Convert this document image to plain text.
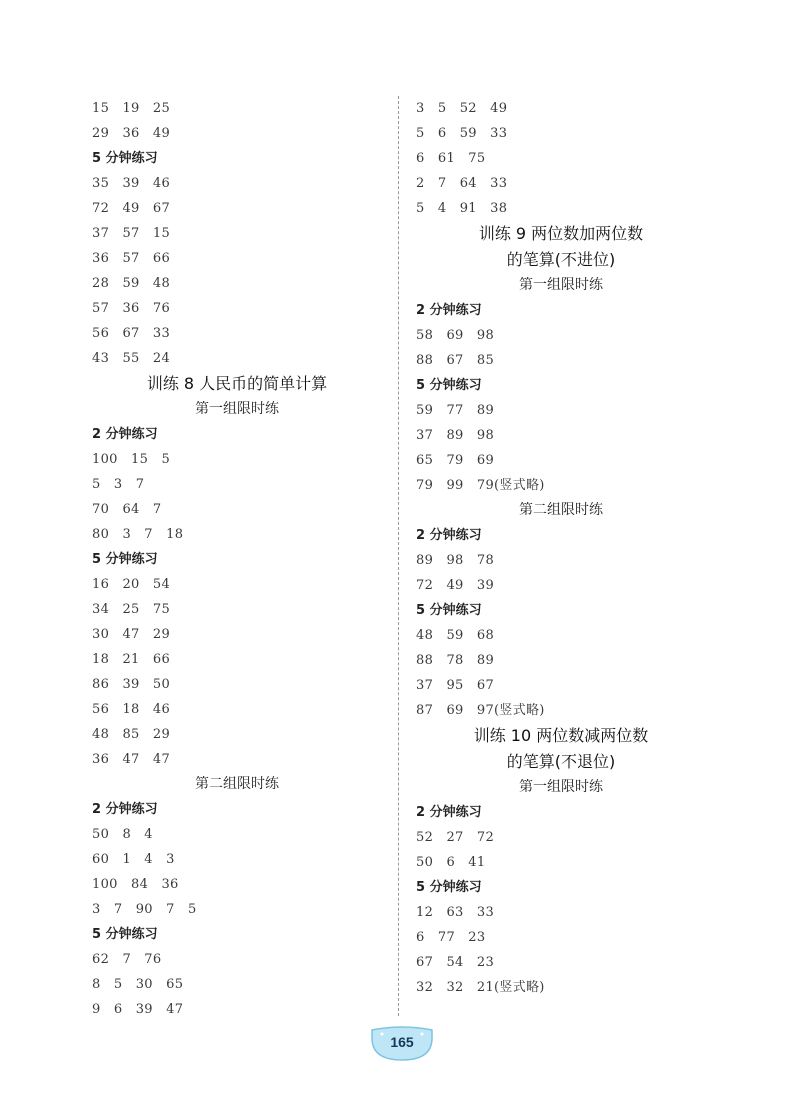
15   19   25
29   36   49
5 分钟练习
35   39   46
72   49   67
37   57   15
36   57   66
28   59   48
57   36   76
56   67   33
43   55   24
训练 8 人民币的简单计算
第一组限时练
2 分钟练习
100   15   5
5   3   7
70   64   7
80   3   7   18
5 分钟练习
16   20   54
34   25   75
30   47   29
18   21   66
86   39   50
56   18   46
48   85   29
36   47   47
第二组限时练
2 分钟练习
50   8   4
60   1   4   3
100   84   36
3   7   90   7   5
5 分钟练习
62   7   76
8   5   30   65
9   6   39   47
3   5   52   49
5   6   59   33
6   61   75
2   7   64   33
5   4   91   38
训练 9 两位数加两位数
的笔算(不进位)
第一组限时练
2 分钟练习
58   69   98
88   67   85
5 分钟练习
59   77   89
37   89   98
65   79   69
79   99   79(竖式略)
第二组限时练
2 分钟练习
89   98   78
72   49   39
5 分钟练习
48   59   68
88   78   89
37   95   67
87   69   97(竖式略)
训练 10 两位数减两位数
的笔算(不退位)
第一组限时练
2 分钟练习
52   27   72
50   6   41
5 分钟练习
12   63   33
6   77   23
67   54   23
32   32   21(竖式略)
165
